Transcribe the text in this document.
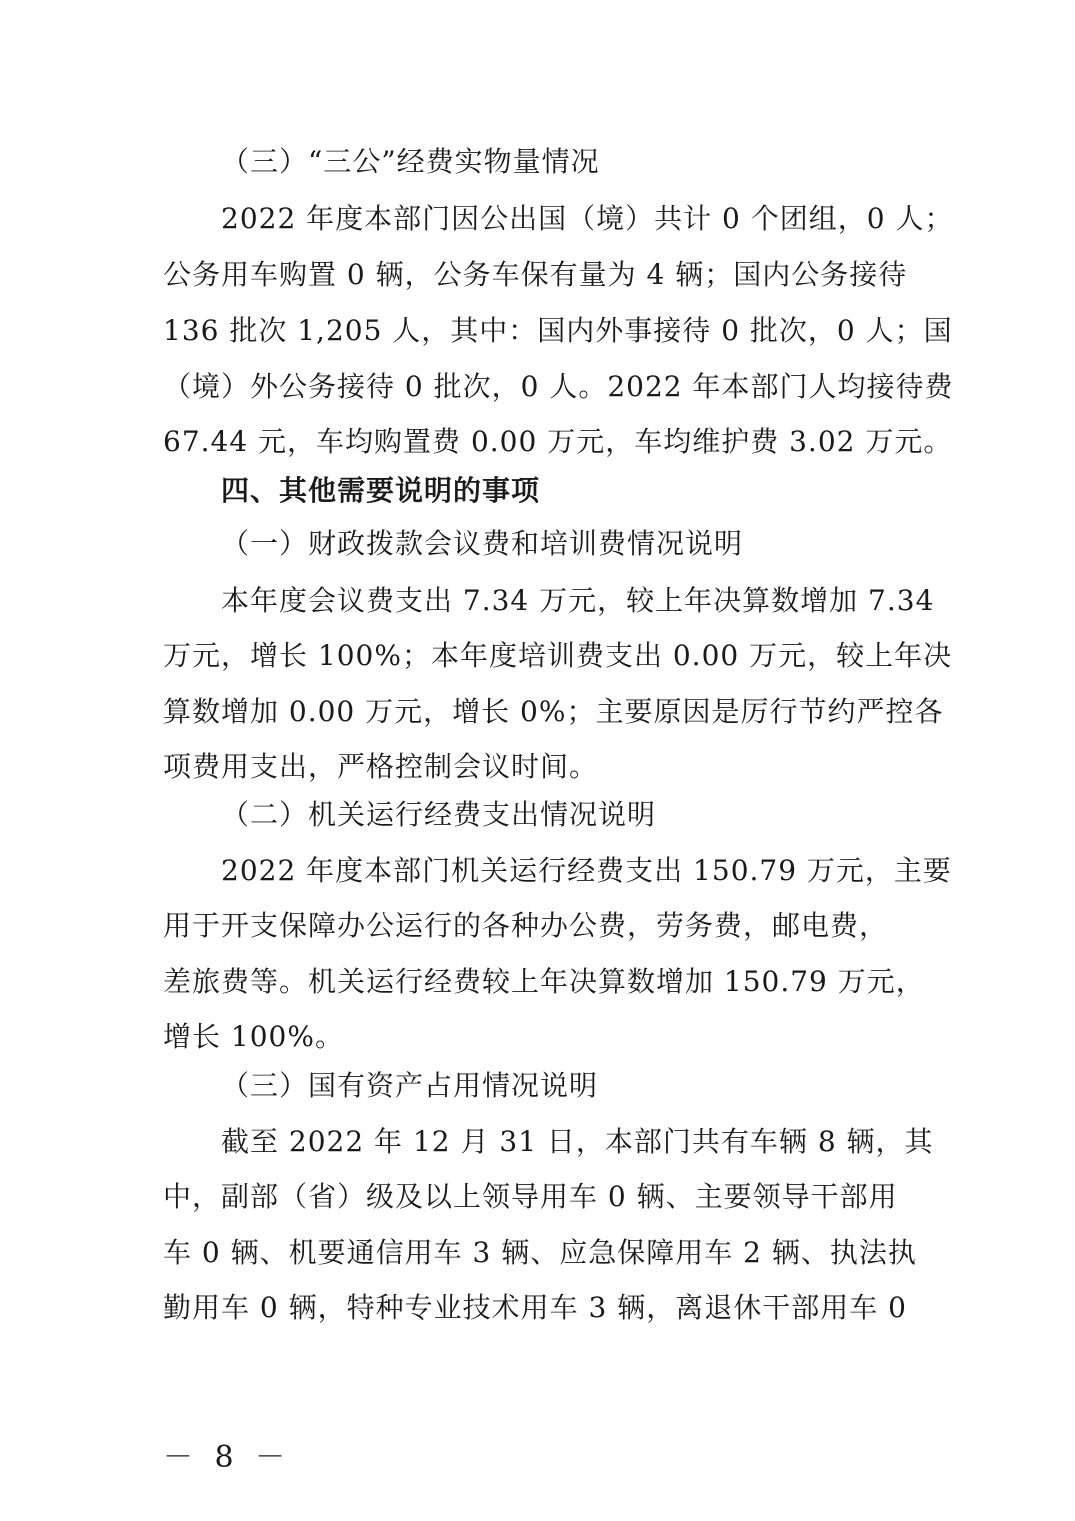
（三）“三公”经费实物量情况
2022 年度本部门因公出国（境）共计 0 个团组，0 人；
公务用车购置 0 辆，公务车保有量为 4 辆；国内公务接待
136 批次 1,205 人，其中：国内外事接待 0 批次，0 人；国
（境）外公务接待 0 批次，0 人。2022 年本部门人均接待费
67.44 元，车均购置费 0.00 万元，车均维护费 3.02 万元。
四、其他需要说明的事项
（一）财政拨款会议费和培训费情况说明
本年度会议费支出 7.34 万元，较上年决算数增加 7.34
万元，增长 100%；本年度培训费支出 0.00 万元，较上年决
算数增加 0.00 万元，增长 0%；主要原因是厉行节约严控各
项费用支出，严格控制会议时间。
（二）机关运行经费支出情况说明
2022 年度本部门机关运行经费支出 150.79 万元，主要
用于开支保障办公运行的各种办公费，劳务费，邮电费，
差旅费等。机关运行经费较上年决算数增加 150.79 万元，
增长 100%。
（三）国有资产占用情况说明
截至 2022 年 12 月 31 日，本部门共有车辆 8 辆，其
中，副部（省）级及以上领导用车 0 辆、主要领导干部用
车 0 辆、机要通信用车 3 辆、应急保障用车 2 辆、执法执
勤用车 0 辆，特种专业技术用车 3 辆，离退休干部用车 0
－ 8 －
